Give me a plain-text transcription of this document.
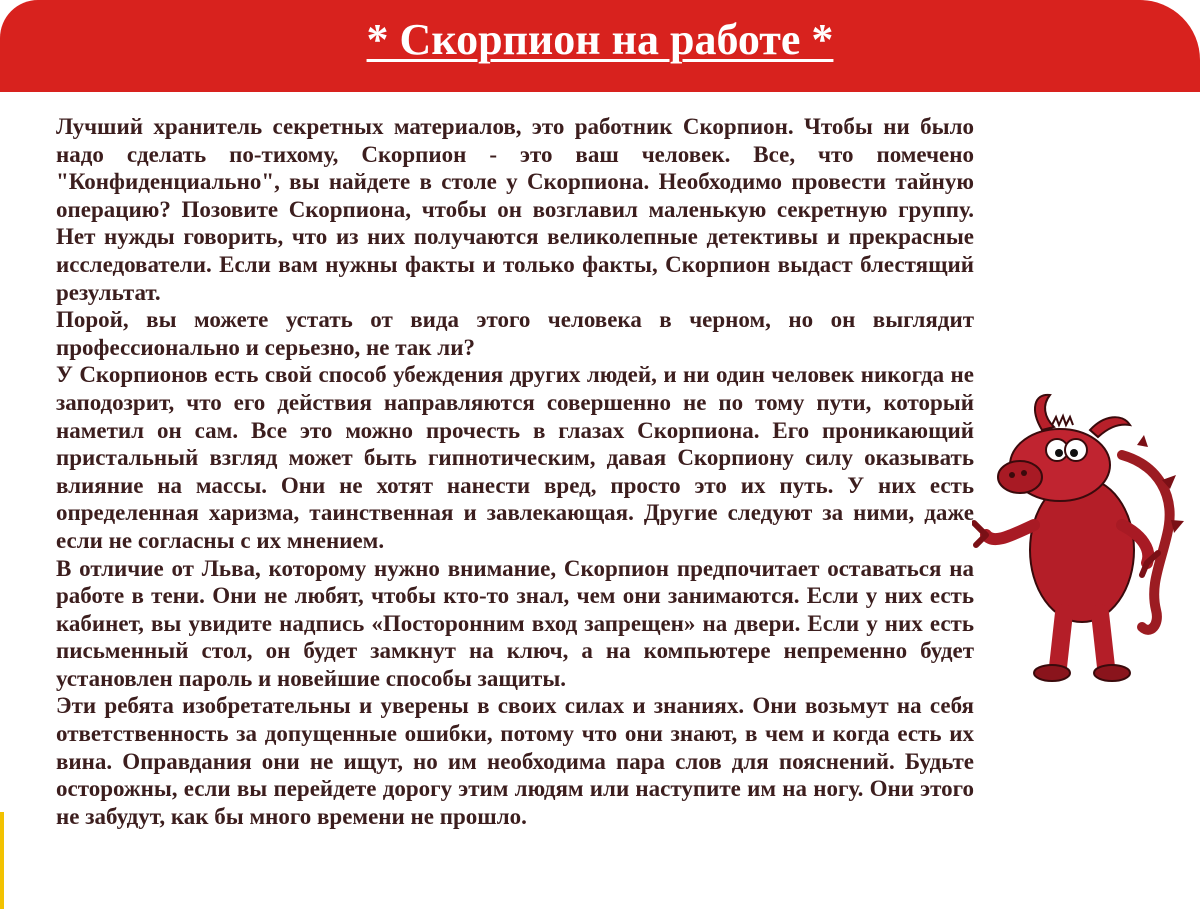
* Скорпион на работе *

Лучший хранитель секретных материалов, это работник Скорпион. Чтобы ни было надо сделать по-тихому, Скорпион - это ваш человек. Все, что помечено "Конфиденциально", вы найдете в столе у Скорпиона. Необходимо провести тайную операцию? Позовите Скорпиона, чтобы он возглавил маленькую секретную группу. Нет нужды говорить, что из них получаются великолепные детективы и прекрасные исследователи. Если вам нужны факты и только факты, Скорпион выдаст блестящий результат.

Порой, вы можете устать от вида этого человека в черном, но он выглядит профессионально и серьезно, не так ли?

У Скорпионов есть свой способ убеждения других людей, и ни один человек никогда не заподозрит, что его действия направляются совершенно не по тому пути, который наметил он сам. Все это можно прочесть в глазах Скорпиона. Его проникающий пристальный взгляд может быть гипнотическим, давая Скорпиону силу оказывать влияние на массы. Они не хотят нанести вред, просто это их путь. У них есть определенная харизма, таинственная и завлекающая. Другие следуют за ними, даже если не согласны с их мнением.

В отличие от Льва, которому нужно внимание, Скорпион предпочитает оставаться на работе в тени. Они не любят, чтобы кто-то знал, чем они занимаются. Если у них есть кабинет, вы увидите надпись «Посторонним вход запрещен» на двери. Если у них есть письменный стол, он будет замкнут на ключ, а на компьютере непременно будет установлен пароль и новейшие способы защиты.

Эти ребята изобретательны и уверены в своих силах и знаниях. Они возьмут на себя ответственность за допущенные ошибки, потому что они знают, в чем и когда есть их вина. Оправдания они не ищут, но им необходима пара слов для пояснений. Будьте осторожны, если вы перейдете дорогу этим людям или наступите им на ногу. Они этого не забудут, как бы много времени не прошло.
